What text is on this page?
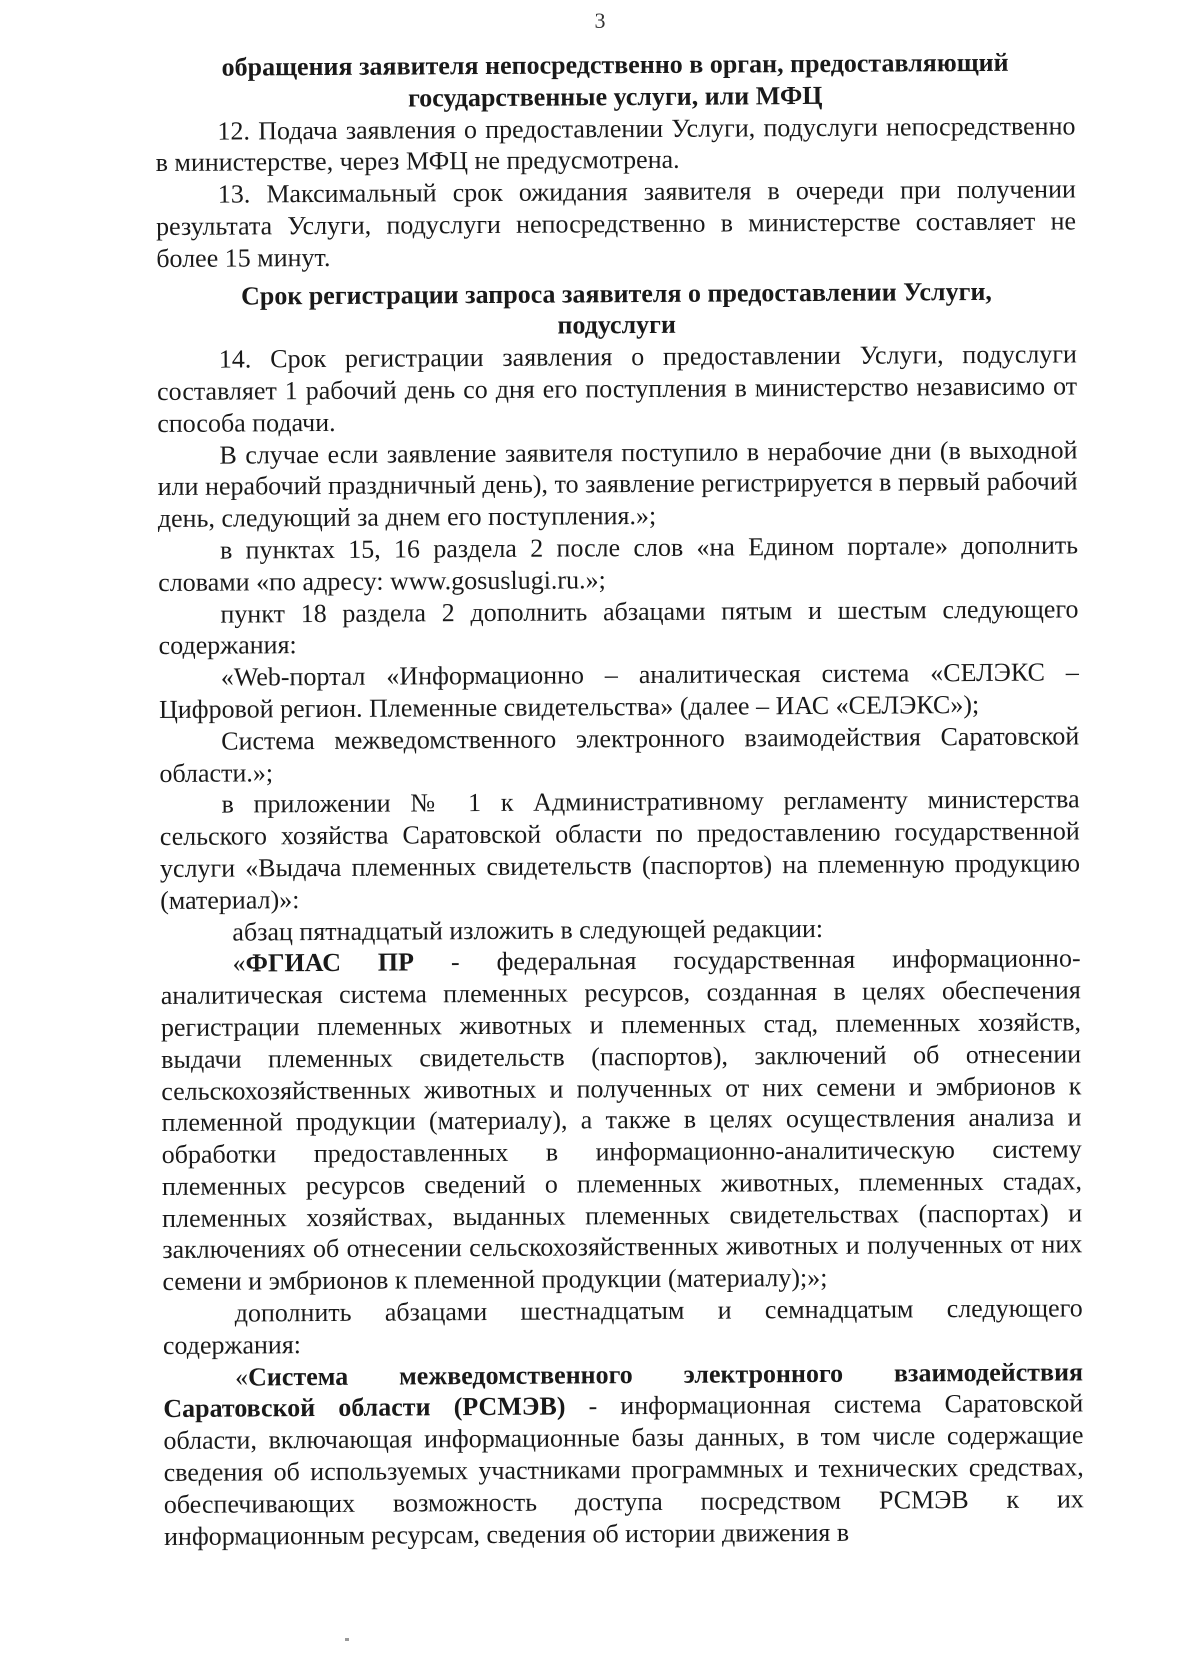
3
обращения заявителя непосредственно в орган, предоставляющий
государственные услуги, или МФЦ

12. Подача заявления о предоставлении Услуги, подуслуги непосредственно в министерстве, через МФЦ не предусмотрена.

13. Максимальный срок ожидания заявителя в очереди при получении результата Услуги, подуслуги непосредственно в министерстве составляет не более 15 минут.

Срок регистрации запроса заявителя о предоставлении Услуги,
подуслуги

14. Срок регистрации заявления о предоставлении Услуги, подуслуги составляет 1 рабочий день со дня его поступления в министерство независимо от способа подачи.

В случае если заявление заявителя поступило в нерабочие дни (в выходной или нерабочий праздничный день), то заявление регистрируется в первый рабочий день, следующий за днем его поступления.»;

в пунктах 15, 16 раздела 2 после слов «на Едином портале» дополнить словами «по адресу: www.gosuslugi.ru.»;

пункт 18 раздела 2 дополнить абзацами пятым и шестым следующего содержания:

«Web-портал «Информационно – аналитическая система «СЕЛЭКС – Цифровой регион. Племенные свидетельства» (далее – ИАС «СЕЛЭКС»);

Система межведомственного электронного взаимодействия Саратовской области.»;

в приложении № 1 к Административному регламенту министерства сельского хозяйства Саратовской области по предоставлению государственной услуги «Выдача племенных свидетельств (паспортов) на племенную продукцию (материал)»:

абзац пятнадцатый изложить в следующей редакции:

«ФГИАС ПР - федеральная государственная информационно-аналитическая система племенных ресурсов, созданная в целях обеспечения регистрации племенных животных и племенных стад, племенных хозяйств, выдачи племенных свидетельств (паспортов), заключений об отнесении сельскохозяйственных животных и полученных от них семени и эмбрионов к племенной продукции (материалу), а также в целях осуществления анализа и обработки предоставленных в информационно-аналитическую систему племенных ресурсов сведений о племенных животных, племенных стадах, племенных хозяйствах, выданных племенных свидетельствах (паспортах) и заключениях об отнесении сельскохозяйственных животных и полученных от них семени и эмбрионов к племенной продукции (материалу);»;

дополнить абзацами шестнадцатым и семнадцатым следующего содержания:

«Система межведомственного электронного взаимодействия Саратовской области (РСМЭВ) - информационная система Саратовской области, включающая информационные базы данных, в том числе содержащие сведения об используемых участниками программных и технических средствах, обеспечивающих возможность доступа посредством РСМЭВ к их информационным ресурсам, сведения об истории движения в
